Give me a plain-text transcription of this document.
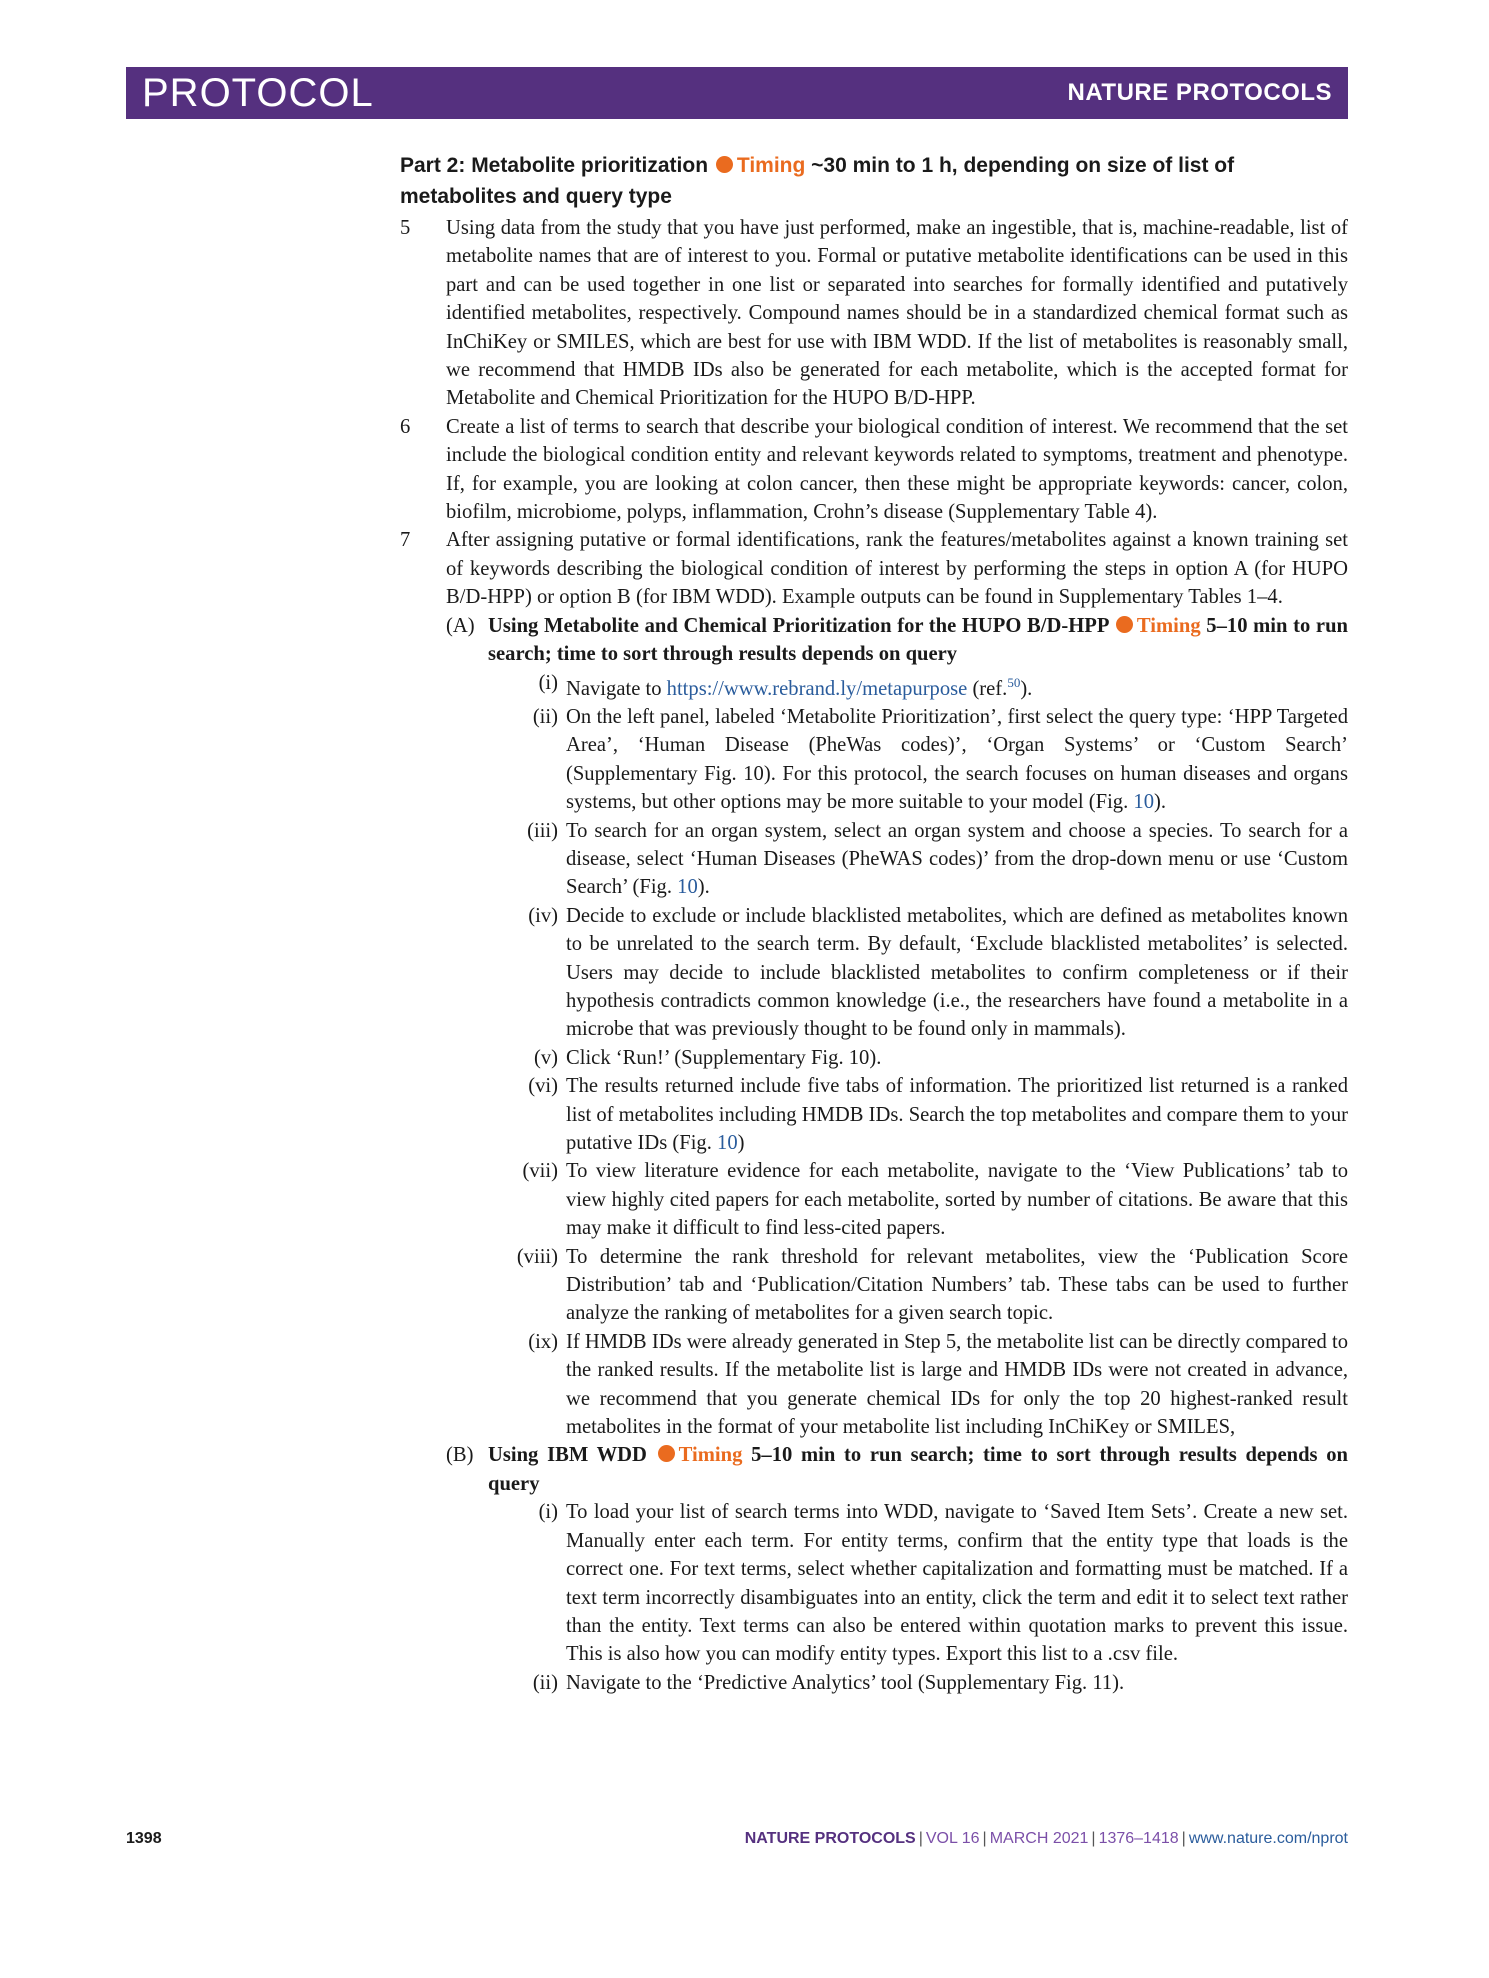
PROTOCOL	NATURE PROTOCOLS
Part 2: Metabolite prioritization Timing ~30 min to 1 h, depending on size of list of metabolites and query type
5 Using data from the study that you have just performed, make an ingestible, that is, machine-readable, list of metabolite names that are of interest to you. Formal or putative metabolite identifications can be used in this part and can be used together in one list or separated into searches for formally identified and putatively identified metabolites, respectively. Compound names should be in a standardized chemical format such as InChiKey or SMILES, which are best for use with IBM WDD. If the list of metabolites is reasonably small, we recommend that HMDB IDs also be generated for each metabolite, which is the accepted format for Metabolite and Chemical Prioritization for the HUPO B/D-HPP.
6 Create a list of terms to search that describe your biological condition of interest. We recommend that the set include the biological condition entity and relevant keywords related to symptoms, treatment and phenotype. If, for example, you are looking at colon cancer, then these might be appropriate keywords: cancer, colon, biofilm, microbiome, polyps, inflammation, Crohn’s disease (Supplementary Table 4).
7 After assigning putative or formal identifications, rank the features/metabolites against a known training set of keywords describing the biological condition of interest by performing the steps in option A (for HUPO B/D-HPP) or option B (for IBM WDD). Example outputs can be found in Supplementary Tables 1–4.
(A) Using Metabolite and Chemical Prioritization for the HUPO B/D-HPP Timing 5–10 min to run search; time to sort through results depends on query
(i) Navigate to https://www.rebrand.ly/metapurpose (ref.$^{50}$).
(ii) On the left panel, labeled ‘Metabolite Prioritization’, first select the query type: ‘HPP Targeted Area’, ‘Human Disease (PheWas codes)’, ‘Organ Systems’ or ‘Custom Search’ (Supplementary Fig. 10). For this protocol, the search focuses on human diseases and organs systems, but other options may be more suitable to your model (Fig. 10).
(iii) To search for an organ system, select an organ system and choose a species. To search for a disease, select ‘Human Diseases (PheWAS codes)’ from the drop-down menu or use ‘Custom Search’ (Fig. 10).
(iv) Decide to exclude or include blacklisted metabolites, which are defined as metabolites known to be unrelated to the search term. By default, ‘Exclude blacklisted metabolites’ is selected. Users may decide to include blacklisted metabolites to confirm completeness or if their hypothesis contradicts common knowledge (i.e., the researchers have found a metabolite in a microbe that was previously thought to be found only in mammals).
(v) Click ‘Run!’ (Supplementary Fig. 10).
(vi) The results returned include five tabs of information. The prioritized list returned is a ranked list of metabolites including HMDB IDs. Search the top metabolites and compare them to your putative IDs (Fig. 10)
(vii) To view literature evidence for each metabolite, navigate to the ‘View Publications’ tab to view highly cited papers for each metabolite, sorted by number of citations. Be aware that this may make it difficult to find less-cited papers.
(viii) To determine the rank threshold for relevant metabolites, view the ‘Publication Score Distribution’ tab and ‘Publication/Citation Numbers’ tab. These tabs can be used to further analyze the ranking of metabolites for a given search topic.
(ix) If HMDB IDs were already generated in Step 5, the metabolite list can be directly compared to the ranked results. If the metabolite list is large and HMDB IDs were not created in advance, we recommend that you generate chemical IDs for only the top 20 highest-ranked result metabolites in the format of your metabolite list including InChiKey or SMILES,
(B) Using IBM WDD Timing 5–10 min to run search; time to sort through results depends on query
(i) To load your list of search terms into WDD, navigate to ‘Saved Item Sets’. Create a new set. Manually enter each term. For entity terms, confirm that the entity type that loads is the correct one. For text terms, select whether capitalization and formatting must be matched. If a text term incorrectly disambiguates into an entity, click the term and edit it to select text rather than the entity. Text terms can also be entered within quotation marks to prevent this issue. This is also how you can modify entity types. Export this list to a .csv file.
(ii) Navigate to the ‘Predictive Analytics’ tool (Supplementary Fig. 11).
1398	NATURE PROTOCOLS | VOL 16 | MARCH 2021 | 1376–1418 | www.nature.com/nprot
